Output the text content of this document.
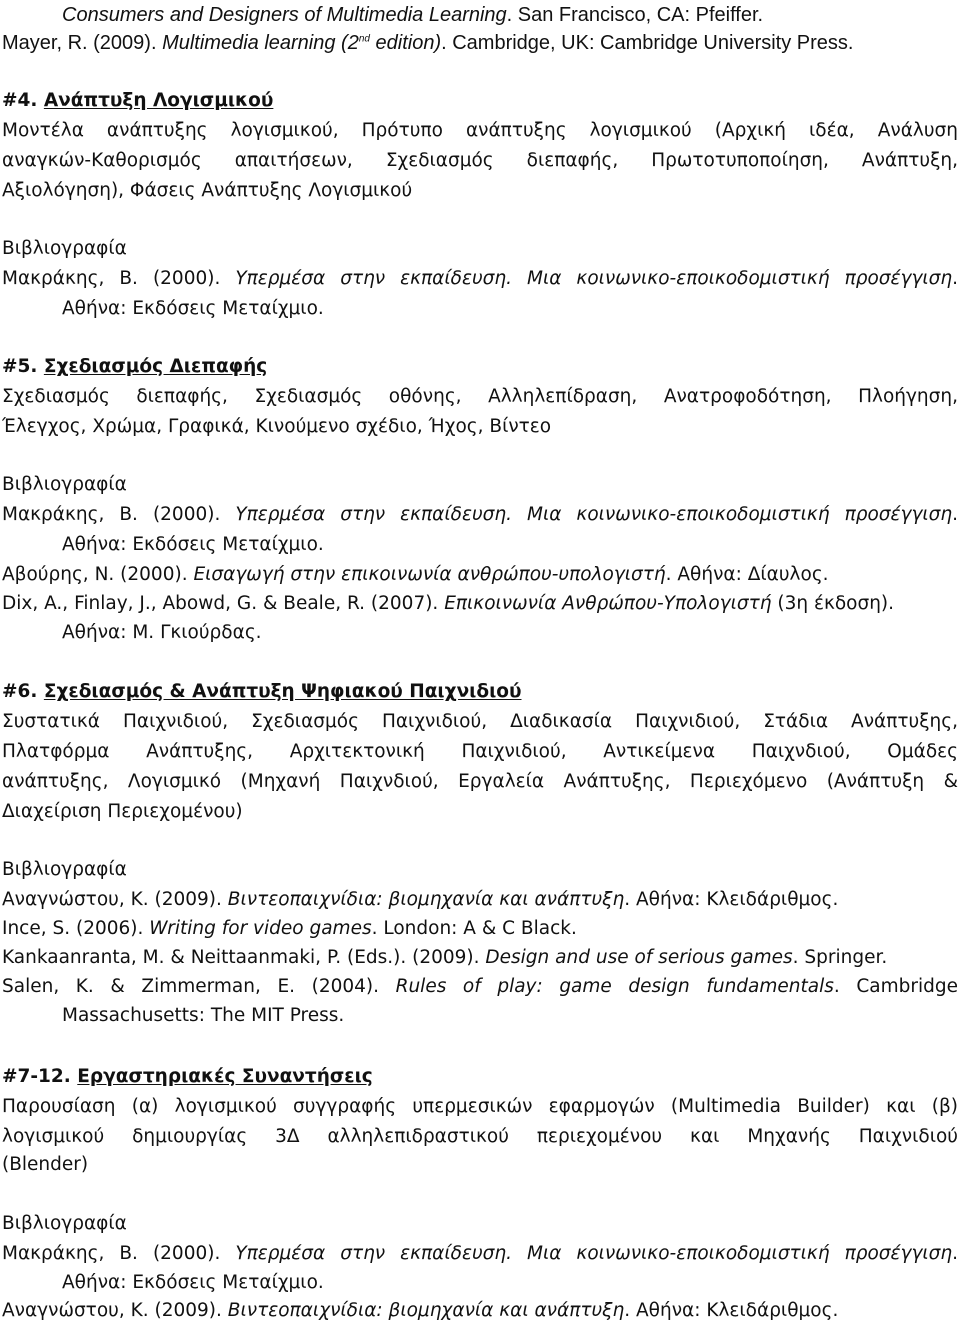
Consumers and Designers of Multimedia Learning. San Francisco, CA: Pfeiffer.
Mayer, R. (2009). Multimedia learning (2nd edition). Cambridge, UK: Cambridge University Press.
#4. Ανάπτυξη Λογισμικού
Μοντέλα ανάπτυξης λογισμικού, Πρότυπο ανάπτυξης λογισμικού (Αρχική ιδέα, Ανάλυση
αναγκών-Καθορισμός απαιτήσεων, Σχεδιασμός διεπαφής, Πρωτοτυποποίηση, Ανάπτυξη,
Αξιολόγηση), Φάσεις Ανάπτυξης Λογισμικού
Βιβλιογραφία
Μακράκης, Β. (2000). Υπερμέσα στην εκπαίδευση. Μια κοινωνικο-εποικοδομιστική προσέγγιση.
Αθήνα: Εκδόσεις Μεταίχμιο.
#5. Σχεδιασμός Διεπαφής
Σχεδιασμός διεπαφής, Σχεδιασμός οθόνης, Αλληλεπίδραση, Ανατροφοδότηση, Πλοήγηση,
Έλεγχος, Χρώμα, Γραφικά, Κινούμενο σχέδιο, Ήχος, Βίντεο
Βιβλιογραφία
Μακράκης, Β. (2000). Υπερμέσα στην εκπαίδευση. Μια κοινωνικο-εποικοδομιστική προσέγγιση.
Αθήνα: Εκδόσεις Μεταίχμιο.
Αβούρης, Ν. (2000). Εισαγωγή στην επικοινωνία ανθρώπου-υπολογιστή. Αθήνα: Δίαυλος.
Dix, A., Finlay, J., Abowd, G. & Beale, R. (2007). Επικοινωνία Ανθρώπου-Υπολογιστή (3η έκδοση).
Αθήνα: Μ. Γκιούρδας.
#6. Σχεδιασμός & Ανάπτυξη Ψηφιακού Παιχνιδιού
Συστατικά Παιχνιδιού, Σχεδιασμός Παιχνιδιού, Διαδικασία Παιχνιδιού, Στάδια Ανάπτυξης,
Πλατφόρμα Ανάπτυξης, Αρχιτεκτονική Παιχνιδιού, Αντικείμενα Παιχνδιού, Ομάδες
ανάπτυξης, Λογισμικό (Μηχανή Παιχνδιού, Εργαλεία Ανάπτυξης, Περιεχόμενο (Ανάπτυξη &
Διαχείριση Περιεχομένου)
Βιβλιογραφία
Αναγνώστου, Κ. (2009). Βιντεοπαιχνίδια: βιομηχανία και ανάπτυξη. Αθήνα: Κλειδάριθμος.
Ince, S. (2006). Writing for video games. London: A & C Black.
Kankaanranta, M. & Neittaanmaki, P. (Eds.). (2009). Design and use of serious games. Springer.
Salen, K. & Zimmerman, E. (2004). Rules of play: game design fundamentals. Cambridge
Massachusetts: The MIT Press.
#7-12. Εργαστηριακές Συναντήσεις
Παρουσίαση (α) λογισμικού συγγραφής υπερμεσικών εφαρμογών (Multimedia Builder) και (β)
λογισμικού δημιουργίας 3Δ αλληλεπιδραστικού περιεχομένου και Μηχανής Παιχνιδιού
(Blender)
Βιβλιογραφία
Μακράκης, Β. (2000). Υπερμέσα στην εκπαίδευση. Μια κοινωνικο-εποικοδομιστική προσέγγιση.
Αθήνα: Εκδόσεις Μεταίχμιο.
Αναγνώστου, Κ. (2009). Βιντεοπαιχνίδια: βιομηχανία και ανάπτυξη. Αθήνα: Κλειδάριθμος.
